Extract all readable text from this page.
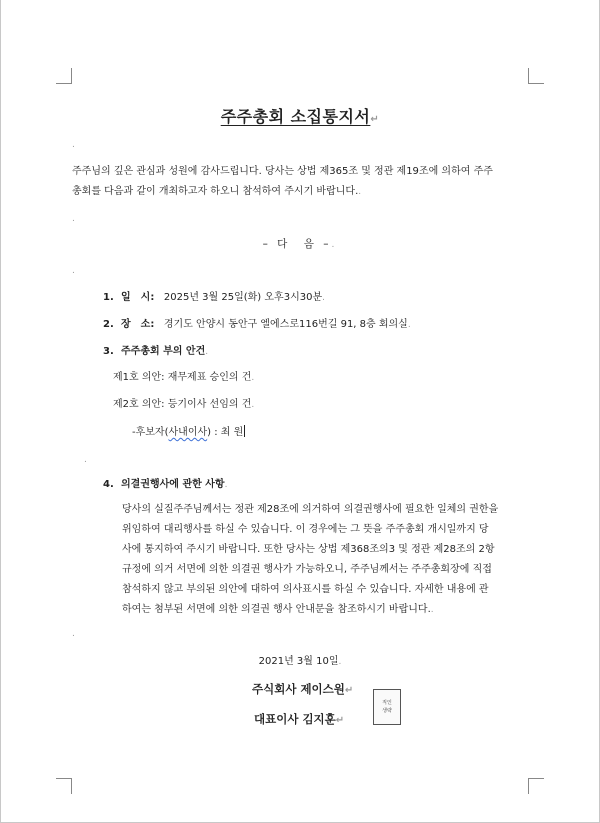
주주총회 소집통지서↵
.
주주님의 깊은 관심과 성원에 감사드립니다. 당사는 상법 제365조 및 정관 제19조에 의하여 주주
총회를 다음과 같이 개최하고자 하오니 참석하여 주시기 바랍니다..
.
– 다　음 –.
.
1. 일　시: 2025년 3월 25일(화) 오후3시30분.
2. 장　소: 경기도 안양시 동안구 엘에스로116번길 91, 8층 회의실.
3. 주주총회 부의 안건.
제1호 의안: 재무제표 승인의 건.
제2호 의안: 등기이사 선임의 건.
-후보자(사내이사) : 최 원
.
4. 의결권행사에 관한 사항.
당사의 실질주주님께서는 정관 제28조에 의거하여 의결권행사에 필요한 일체의 권한을
위임하여 대리행사를 하실 수 있습니다. 이 경우에는 그 뜻을 주주총회 개시일까지 당
사에 통지하여 주시기 바랍니다. 또한 당사는 상법 제368조의3 및 정관 제28조의 2항
규정에 의거 서면에 의한 의결권 행사가 가능하오니, 주주님께서는 주주총회장에 직접
참석하지 않고 부의된 의안에 대하여 의사표시를 하실 수 있습니다. 자세한 내용에 관
하여는 첨부된 서면에 의한 의결권 행사 안내문을 참조하시기 바랍니다..
.
2021년 3월 10일.
주식회사 제이스원↵
대표이사 김지훈↵
직인
생략
